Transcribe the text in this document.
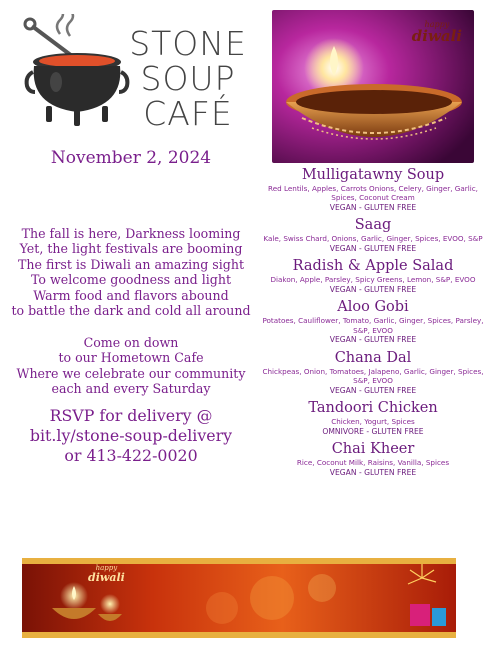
STONE
SOUP
CAFÉ
November 2, 2024
The fall is here, Darkness looming
Yet, the light festivals are booming
The first is Diwali an amazing sight
To welcome goodness and light
Warm food and flavors abound
to battle the dark and cold all around
Come on down
to our Hometown Cafe
Where we celebrate our community
each and every Saturday
RSVP for delivery @
bit.ly/stone-soup-delivery
or 413-422-0020
happy
diwali
Mulligatawny Soup
Red Lentils, Apples, Carrots Onions, Celery, Ginger, Garlic, Spices, Coconut Cream
VEGAN - GLUTEN FREE
Saag
Kale, Swiss Chard, Onions, Garlic, Ginger, Spices, EVOO, S&P
VEGAN - GLUTEN FREE
Radish & Apple Salad
Diakon, Apple, Parsley, Spicy Greens, Lemon, S&P, EVOO
VEGAN - GLUTEN FREE
Aloo Gobi
Potatoes, Cauliflower, Tomato, Garlic, Ginger, Spices, Parsley, S&P, EVOO
VEGAN - GLUTEN FREE
Chana Dal
Chickpeas, Onion, Tomatoes, Jalapeno, Garlic, Ginger, Spices, S&P, EVOO
VEGAN - GLUTEN FREE
Tandoori Chicken
Chicken, Yogurt, Spices
OMNIVORE - GLUTEN FREE
Chai Kheer
Rice, Coconut Milk, Raisins, Vanilla, Spices
VEGAN - GLUTEN FREE
happy
diwali
